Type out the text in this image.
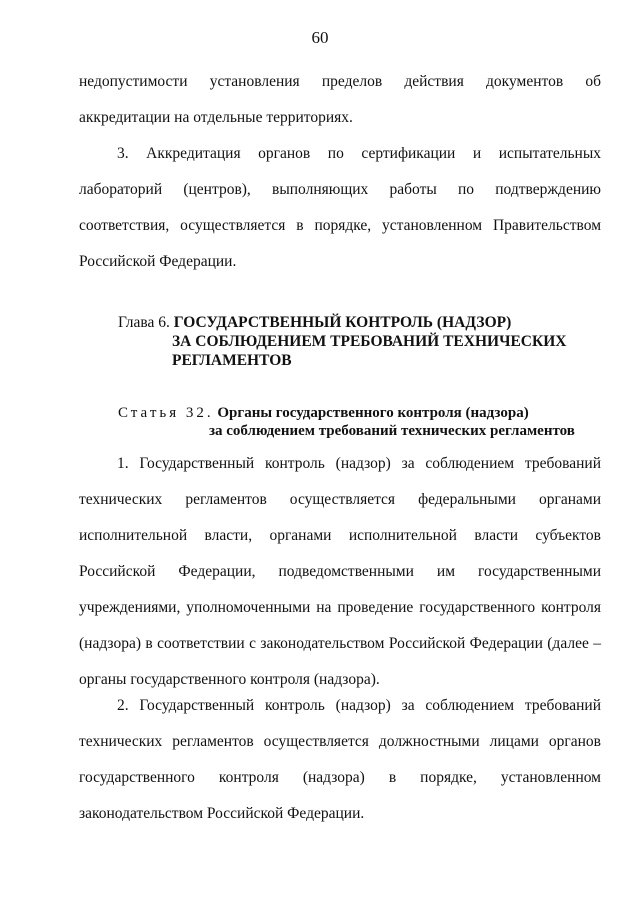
60

недопустимости установления пределов действия документов об аккредитации на отдельные территориях.

3. Аккредитация органов по сертификации и испытательных лабораторий (центров), выполняющих работы по подтверждению соответствия, осуществляется в порядке, установленном Правительством Российской Федерации.

Глава 6. ГОСУДАРСТВЕННЫЙ КОНТРОЛЬ (НАДЗОР)
ЗА СОБЛЮДЕНИЕМ ТРЕБОВАНИЙ ТЕХНИЧЕСКИХ РЕГЛАМЕНТОВ
Статья 32. Органы государственного контроля (надзора)
за соблюдением требований технических регламентов

1. Государственный контроль (надзор) за соблюдением требований технических регламентов осуществляется федеральными органами исполнительной власти, органами исполнительной власти субъектов Российской Федерации, подведомственными им государственными учреждениями, уполномоченными на проведение государственного контроля (надзора) в соответствии с законодательством Российской Федерации (далее – органы государственного контроля (надзора).

2. Государственный контроль (надзор) за соблюдением требований технических регламентов осуществляется должностными лицами органов государственного контроля (надзора) в порядке, установленном законодательством Российской Федерации.
